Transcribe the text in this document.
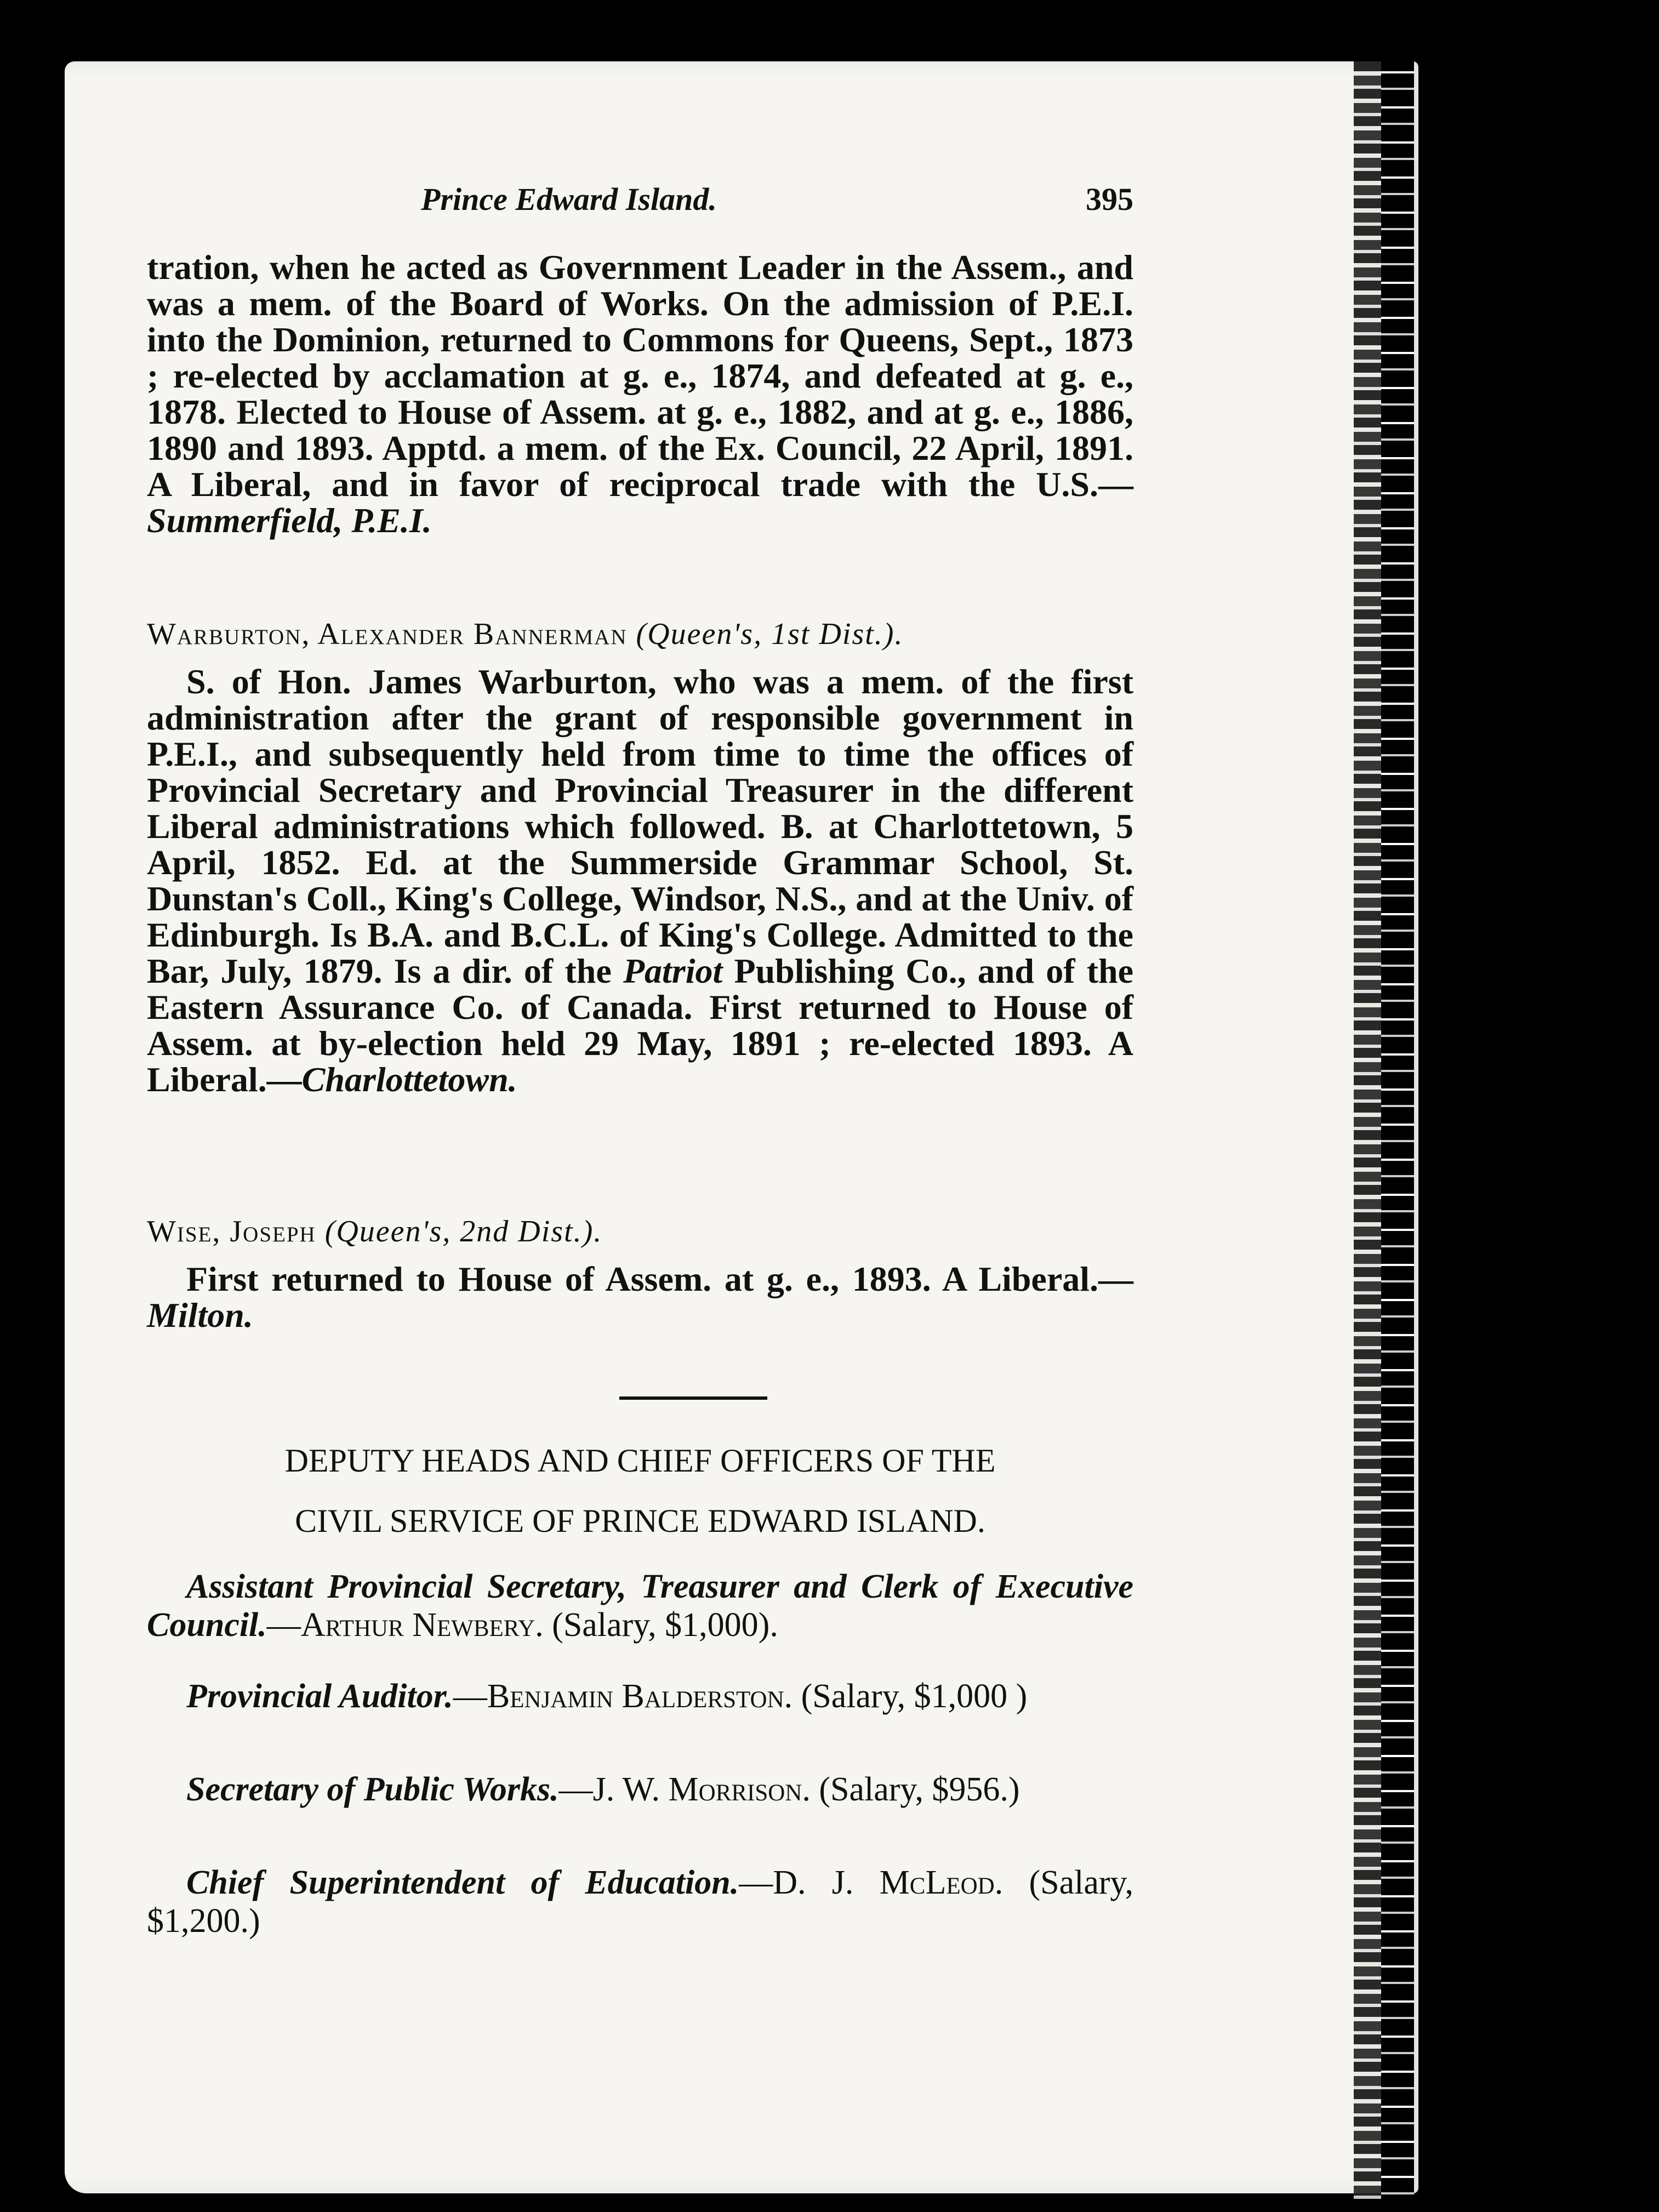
Prince Edward Island.	395

tration, when he acted as Government Leader in the Assem., and was a mem. of the Board of Works. On the admission of P.E.I. into the Dominion, returned to Commons for Queens, Sept., 1873 ; re-elected by acclamation at g. e., 1874, and defeated at g. e., 1878. Elected to House of Assem. at g. e., 1882, and at g. e., 1886, 1890 and 1893. Apptd. a mem. of the Ex. Council, 22 April, 1891. A Liberal, and in favor of reciprocal trade with the U.S.—Summerfield, P.E.I.

Warburton, Alexander Bannerman (Queen's, 1st Dist.).

S. of Hon. James Warburton, who was a mem. of the first administration after the grant of responsible government in P.E.I., and subsequently held from time to time the offices of Provincial Secretary and Provincial Treasurer in the different Liberal administrations which followed. B. at Charlottetown, 5 April, 1852. Ed. at the Summerside Grammar School, St. Dunstan's Coll., King's College, Windsor, N.S., and at the Univ. of Edinburgh. Is B.A. and B.C.L. of King's College. Admitted to the Bar, July, 1879. Is a dir. of the Patriot Publishing Co., and of the Eastern Assurance Co. of Canada. First returned to House of Assem. at by-election held 29 May, 1891 ; re-elected 1893. A Liberal.—Charlottetown.

Wise, Joseph (Queen's, 2nd Dist.).

First returned to House of Assem. at g. e., 1893. A Liberal.—Milton.

DEPUTY HEADS AND CHIEF OFFICERS OF THE

CIVIL SERVICE OF PRINCE EDWARD ISLAND.

Assistant Provincial Secretary, Treasurer and Clerk of Executive Council.—Arthur Newbery. (Salary, $1,000).

Provincial Auditor.—Benjamin Balderston. (Salary, $1,000 )

Secretary of Public Works.—J. W. Morrison. (Salary, $956.)

Chief Superintendent of Education.—D. J. McLeod. (Salary, $1,200.)
